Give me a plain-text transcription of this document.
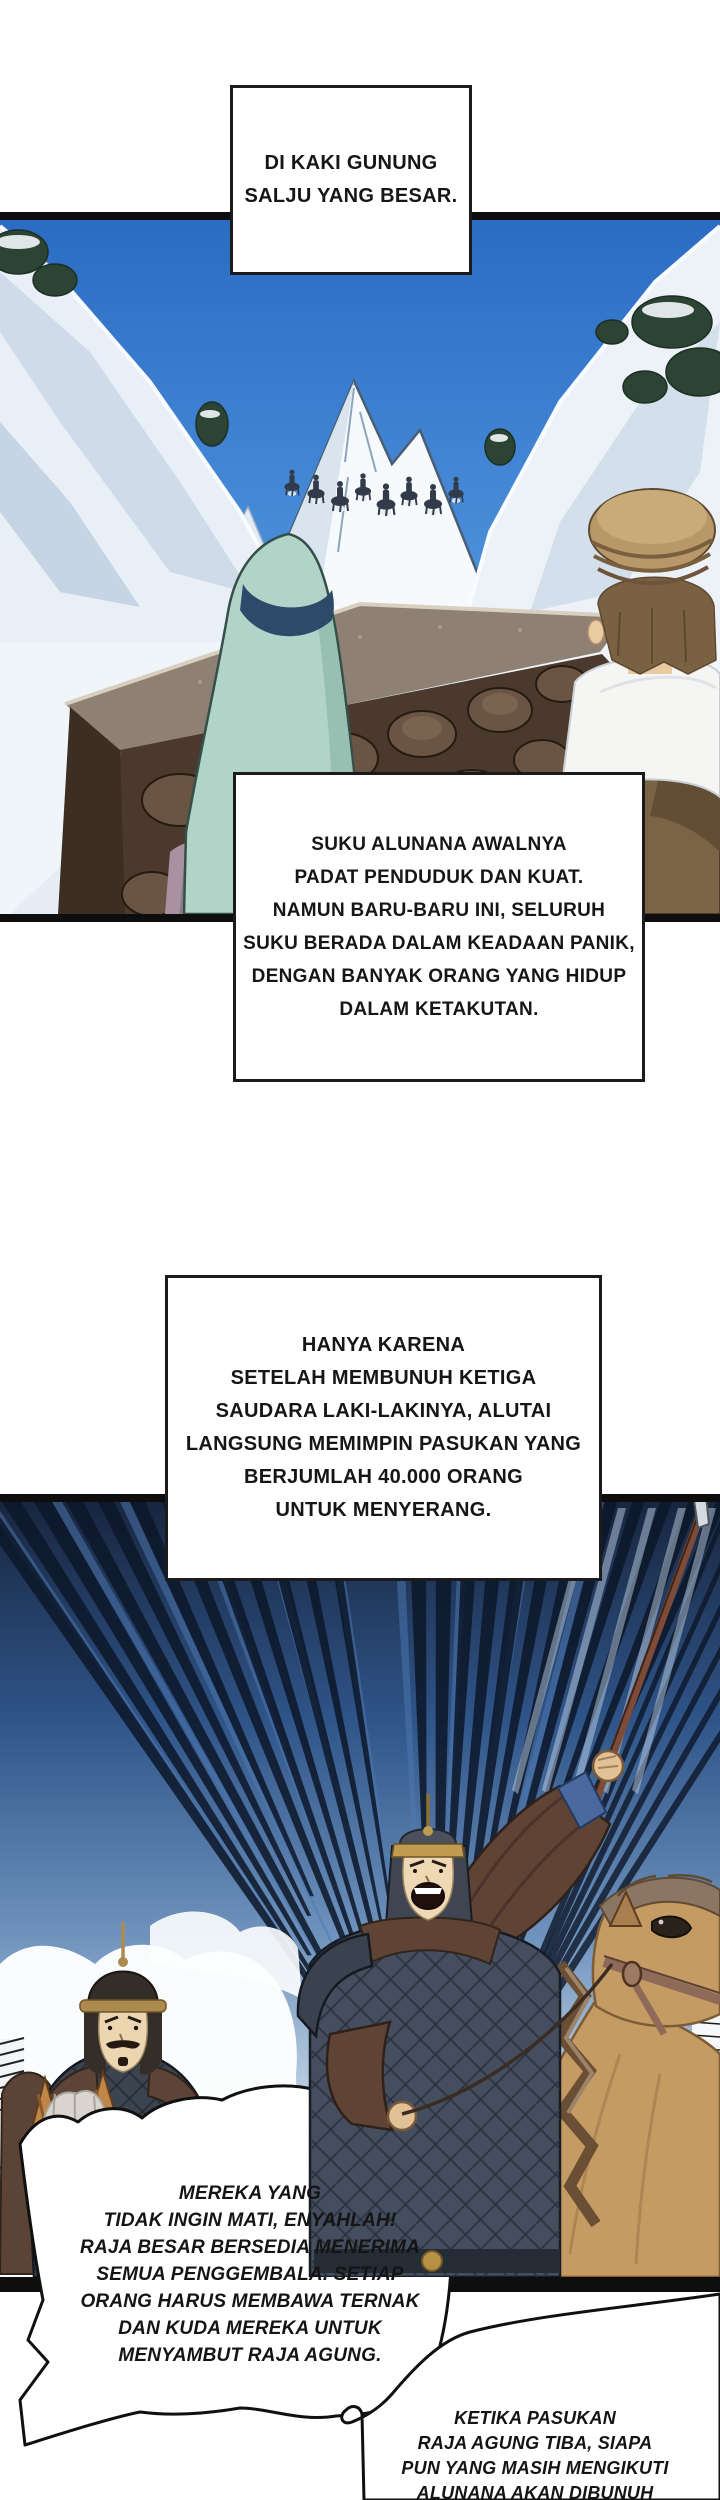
DI KAKI GUNUNG
SALJU YANG BESAR.
SUKU ALUNANA AWALNYA
PADAT PENDUDUK DAN KUAT.
NAMUN BARU-BARU INI, SELURUH
SUKU BERADA DALAM KEADAAN PANIK,
DENGAN BANYAK ORANG YANG HIDUP
DALAM KETAKUTAN.
HANYA KARENA
SETELAH MEMBUNUH KETIGA
SAUDARA LAKI-LAKINYA, ALUTAI
LANGSUNG MEMIMPIN PASUKAN YANG
BERJUMLAH 40.000 ORANG
UNTUK MENYERANG.
MEREKA YANG
TIDAK INGIN MATI, ENYAHLAH!
RAJA BESAR BERSEDIA MENERIMA
SEMUA PENGGEMBALA. SETIAP
ORANG HARUS MEMBAWA TERNAK
DAN KUDA MEREKA UNTUK
MENYAMBUT RAJA AGUNG.
KETIKA PASUKAN
RAJA AGUNG TIBA, SIAPA
PUN YANG MASIH MENGIKUTI
ALUNANA AKAN DIBUNUH
